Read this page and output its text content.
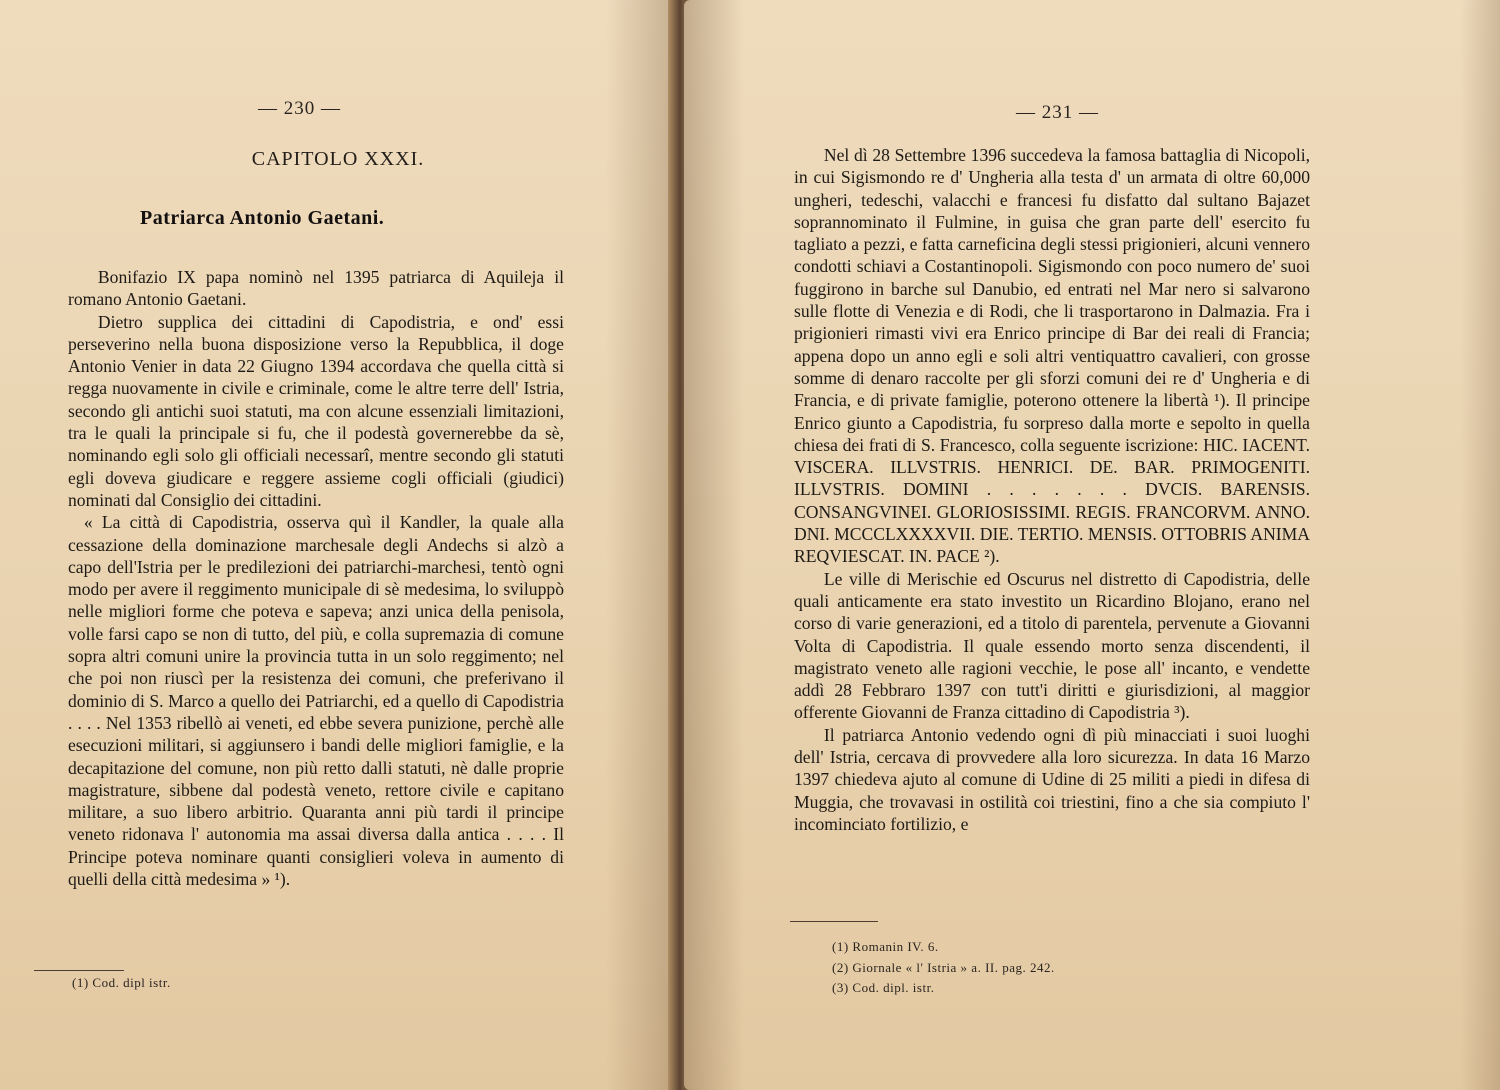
— 230 —
CAPITOLO XXXI.
Patriarca Antonio Gaetani.

Bonifazio IX papa nominò nel 1395 patriarca di Aquileja il romano Antonio Gaetani.

Dietro supplica dei cittadini di Capodistria, e ond' essi perseverino nella buona disposizione verso la Repubblica, il doge Antonio Venier in data 22 Giugno 1394 accordava che quella città si regga nuovamente in civile e criminale, come le altre terre dell' Istria, secondo gli antichi suoi statuti, ma con alcune essenziali limitazioni, tra le quali la principale si fu, che il podestà governerebbe da sè, nominando egli solo gli officiali necessarî, mentre secondo gli statuti egli doveva giudicare e reggere assieme cogli officiali (giudici) nominati dal Consiglio dei cittadini.

« La città di Capodistria, osserva quì il Kandler, la quale alla cessazione della dominazione marchesale degli Andechs si alzò a capo dell'Istria per le predilezioni dei patriarchi-marchesi, tentò ogni modo per avere il reggimento municipale di sè medesima, lo sviluppò nelle migliori forme che poteva e sapeva; anzi unica della penisola, volle farsi capo se non di tutto, del più, e colla supremazia di comune sopra altri comuni unire la provincia tutta in un solo reggimento; nel che poi non riuscì per la resistenza dei comuni, che preferivano il dominio di S. Marco a quello dei Patriarchi, ed a quello di Capodistria . . . . Nel 1353 ribellò ai veneti, ed ebbe severa punizione, perchè alle esecuzioni militari, si aggiunsero i bandi delle migliori famiglie, e la decapitazione del comune, non più retto dalli statuti, nè dalle proprie magistrature, sibbene dal podestà veneto, rettore civile e capitano militare, a suo libero arbitrio. Quaranta anni più tardi il principe veneto ridonava l' autonomia ma assai diversa dalla antica . . . . Il Principe poteva nominare quanti consiglieri voleva in aumento di quelli della città medesima » ¹).

(1) Cod. dipl istr.
— 231 —

Nel dì 28 Settembre 1396 succedeva la famosa battaglia di Nicopoli, in cui Sigismondo re d' Ungheria alla testa d' un armata di oltre 60,000 ungheri, tedeschi, valacchi e francesi fu disfatto dal sultano Bajazet soprannominato il Fulmine, in guisa che gran parte dell' esercito fu tagliato a pezzi, e fatta carneficina degli stessi prigionieri, alcuni vennero condotti schiavi a Costantinopoli. Sigismondo con poco numero de' suoi fuggirono in barche sul Danubio, ed entrati nel Mar nero si salvarono sulle flotte di Venezia e di Rodi, che li trasportarono in Dalmazia. Fra i prigionieri rimasti vivi era Enrico principe di Bar dei reali di Francia; appena dopo un anno egli e soli altri ventiquattro cavalieri, con grosse somme di denaro raccolte per gli sforzi comuni dei re d' Ungheria e di Francia, e di private famiglie, poterono ottenere la libertà ¹). Il principe Enrico giunto a Capodistria, fu sorpreso dalla morte e sepolto in quella chiesa dei frati di S. Francesco, colla seguente iscrizione: HIC. IACENT. VISCERA. ILLVSTRIS. HENRICI. DE. BAR. PRIMOGENITI. ILLVSTRIS. DOMINI . . . . . . . DVCIS. BARENSIS. CONSANGVINEI. GLORIOSISSIMI. REGIS. FRANCORVM. ANNO. DNI. MCCCLXXXXVII. DIE. TERTIO. MENSIS. OTTOBRIS ANIMA REQVIESCAT. IN. PACE ²).

Le ville di Merischie ed Oscurus nel distretto di Capodistria, delle quali anticamente era stato investito un Ricardino Blojano, erano nel corso di varie generazioni, ed a titolo di parentela, pervenute a Giovanni Volta di Capodistria. Il quale essendo morto senza discendenti, il magistrato veneto alle ragioni vecchie, le pose all' incanto, e vendette addì 28 Febbraro 1397 con tutt'i diritti e giurisdizioni, al maggior offerente Giovanni de Franza cittadino di Capodistria ³).

Il patriarca Antonio vedendo ogni dì più minacciati i suoi luoghi dell' Istria, cercava di provvedere alla loro sicurezza. In data 16 Marzo 1397 chiedeva ajuto al comune di Udine di 25 militi a piedi in difesa di Muggia, che trovavasi in ostilità coi triestini, fino a che sia compiuto l' incominciato fortilizio, e

(1) Romanin IV. 6.
(2) Giornale « l' Istria » a. II. pag. 242.
(3) Cod. dipl. istr.
